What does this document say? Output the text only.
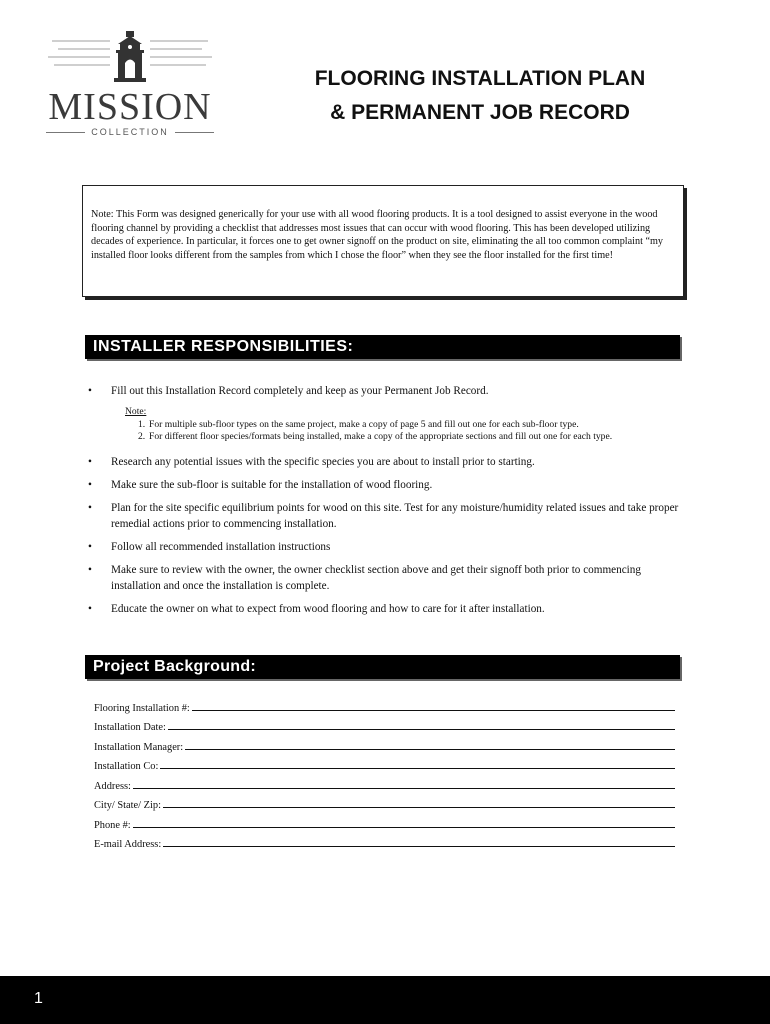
MISSION
COLLECTION
FLOORING INSTALLATION PLAN
& PERMANENT JOB RECORD
Note: This Form was designed generically for your use with all wood flooring products. It is a tool designed to assist everyone in the wood flooring channel by providing a checklist that addresses most issues that can occur with wood flooring. This has been developed utilizing decades of experience. In particular, it forces one to get owner signoff on the product on site, eliminating the all too common complaint “my installed floor looks different from the samples from which I chose the floor” when they see the floor installed for the first time!
INSTALLER RESPONSIBILITIES:
• Fill out this Installation Record completely and keep as your Permanent Job Record.
Note:
1. For multiple sub-floor types on the same project, make a copy of page 5 and fill out one for each sub-floor type.
2. For different floor species/formats being installed, make a copy of the appropriate sections and fill out one for each type.
• Research any potential issues with the specific species you are about to install prior to starting.
• Make sure the sub-floor is suitable for the installation of wood flooring.
• Plan for the site specific equilibrium points for wood on this site. Test for any moisture/humidity related issues and take proper remedial actions prior to commencing installation.
• Follow all recommended installation instructions
• Make sure to review with the owner, the owner checklist section above and get their signoff both prior to commencing installation and once the installation is complete.
• Educate the owner on what to expect from wood flooring and how to care for it after installation.
Project Background:
Flooring Installation #:
Installation Date:
Installation Manager:
Installation Co:
Address:
City/ State/ Zip:
Phone #:
E-mail Address:
1
